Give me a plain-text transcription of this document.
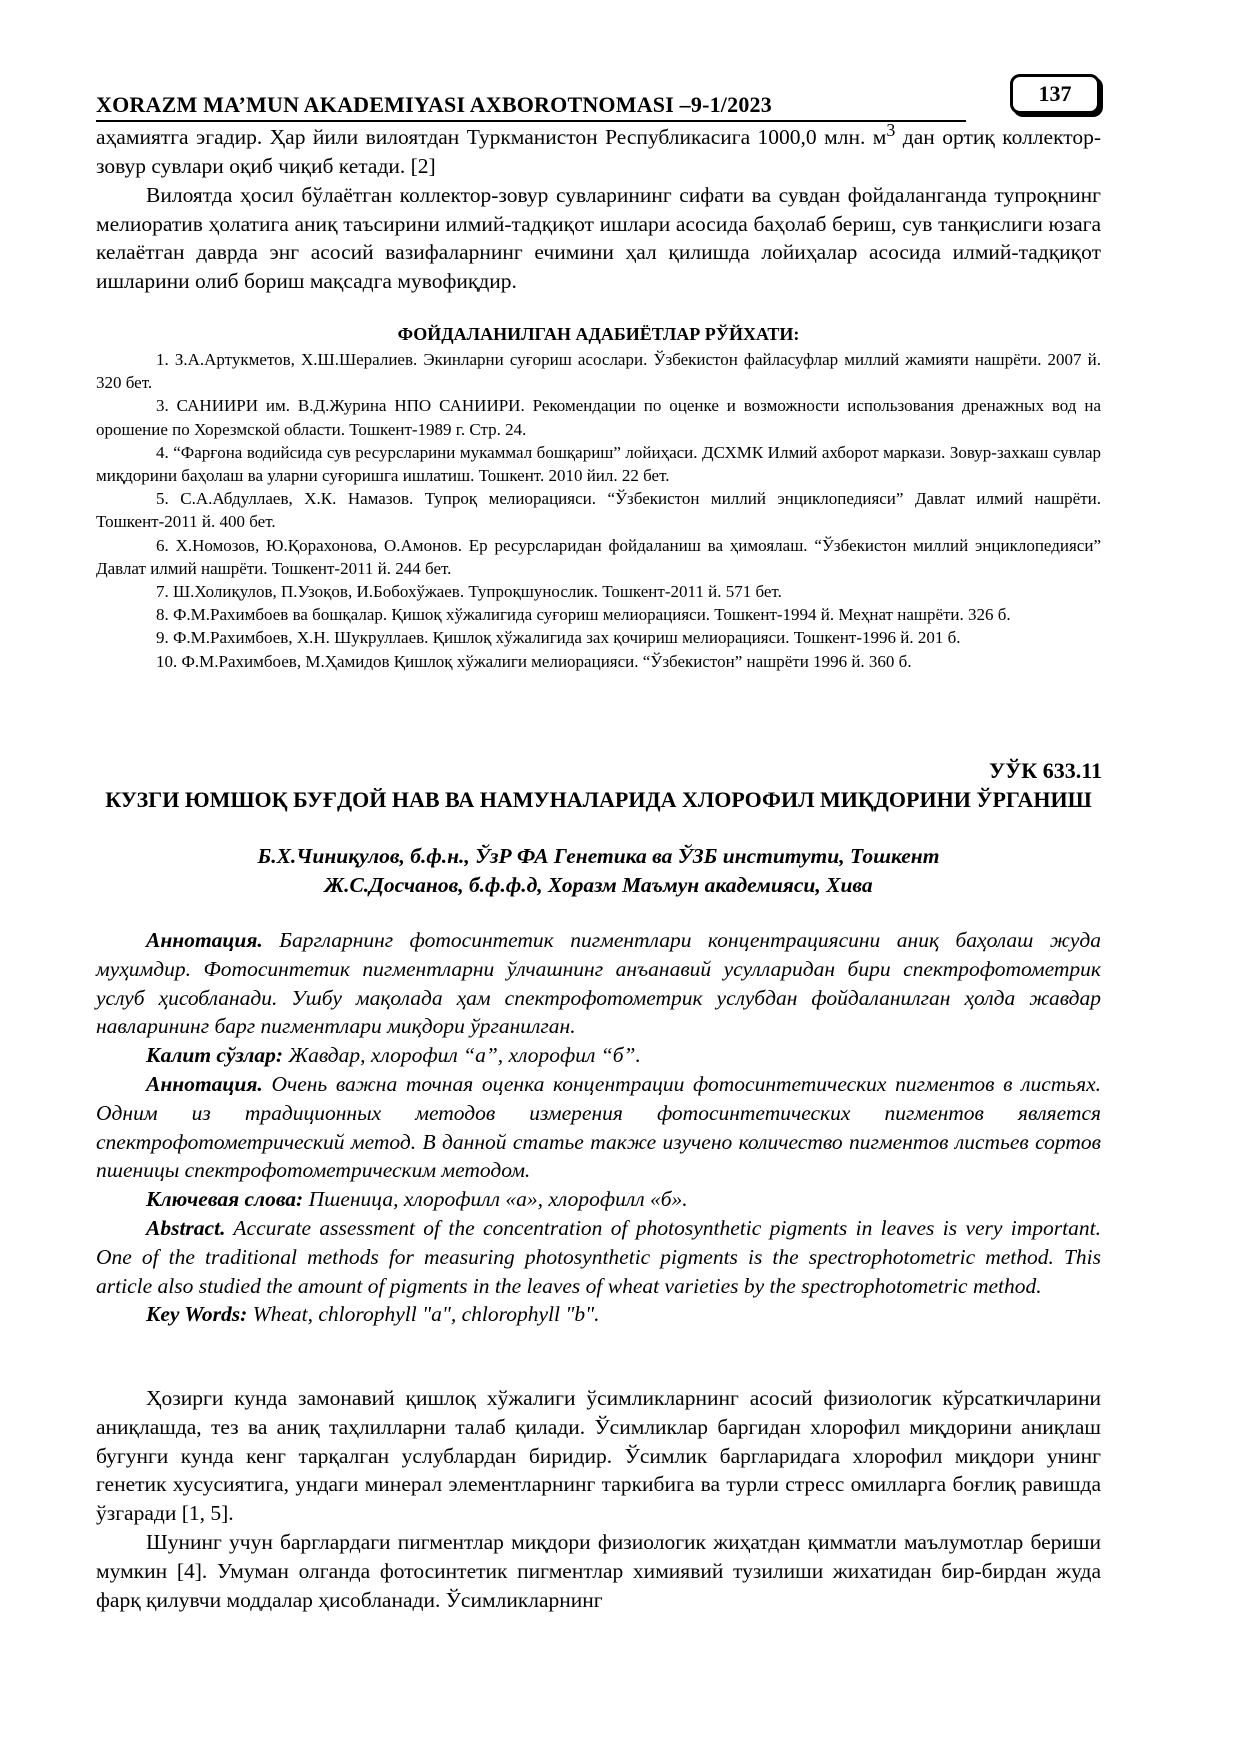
XORAZM MA’MUN AKADEMIYASI AXBOROTNOMASI –9-1/2023	137

аҳамиятга эгадир. Ҳар йили вилоятдан Туркманистон Республикасига 1000,0 млн. $м^3$ дан ортиқ коллектор-зовур сувлари оқиб чиқиб кетади. [2]

Вилоятда ҳосил бўлаётган коллектор-зовур сувларининг сифати ва сувдан фойдаланганда тупроқнинг мелиоратив ҳолатига аниқ таъсирини илмий-тадқиқот ишлари асосида баҳолаб бериш, сув танқислиги юзага келаётган даврда энг асосий вазифаларнинг ечимини ҳал қилишда лойиҳалар асосида илмий-тадқиқот ишларини олиб бориш мақсадга мувофиқдир.

ФОЙДАЛАНИЛГАН АДАБИЁТЛАР РЎЙХАТИ:

1. З.А.Артукметов, Х.Ш.Шералиев. Экинларни суғориш асослари. Ўзбекистон файласуфлар миллий жамияти нашрёти. 2007 й. 320 бет.

3. САНИИРИ им. В.Д.Журина НПО САНИИРИ. Рекомендации по оценке и возможности использования дренажных вод на орошение по Хорезмской области. Тошкент-1989 г. Стр. 24.

4. “Фарғона водийсида сув ресурсларини мукаммал бошқариш” лойиҳаси. ДСХМК Илмий ахборот маркази. Зовур-захкаш сувлар миқдорини баҳолаш ва уларни суғоришга ишлатиш. Тошкент. 2010 йил. 22 бет.

5. С.А.Абдуллаев, Х.К. Намазов. Тупроқ мелиорацияси. “Ўзбекистон миллий энциклопедияси” Давлат илмий нашрёти. Тошкент-2011 й. 400 бет.

6. Х.Номозов, Ю.Қорахонова, О.Амонов. Ер ресурсларидан фойдаланиш ва ҳимоялаш. “Ўзбекистон миллий энциклопедияси” Давлат илмий нашрёти. Тошкент-2011 й. 244 бет.

7. Ш.Холиқулов, П.Узоқов, И.Бобохўжаев. Тупроқшунослик. Тошкент-2011 й. 571 бет.

8. Ф.М.Рахимбоев ва бошқалар. Қишоқ хўжалигида суғориш мелиорацияси. Тошкент-1994 й. Меҳнат нашрёти. 326 б.

9. Ф.М.Рахимбоев, Х.Н. Шукруллаев. Қишлоқ хўжалигида зах қочириш мелиорацияси. Тошкент-1996 й. 201 б.

10. Ф.М.Рахимбоев, М.Ҳамидов Қишлоқ хўжалиги мелиорацияси. “Ўзбекистон” нашрёти 1996 й. 360 б.

УЎК 633.11
КУЗГИ ЮМШОҚ БУҒДОЙ НАВ ВА НАМУНАЛАРИДА ХЛОРОФИЛ МИҚДОРИНИ ЎРГАНИШ
Б.Х.Чиниқулов, б.ф.н., ЎзР ФА Генетика ва ЎЗБ институти, Тошкент
Ж.С.Досчанов, б.ф.ф.д, Хоразм Маъмун академияси, Хива

Аннотация. Баргларнинг фотосинтетик пигментлари концентрациясини аниқ баҳолаш жуда муҳимдир. Фотосинтетик пигментларни ўлчашнинг анъанавий усулларидан бири спектрофотометрик услуб ҳисобланади. Ушбу мақолада ҳам спектрофотометрик услубдан фойдаланилган ҳолда жавдар навларининг барг пигментлари миқдори ўрганилган.

Калит сўзлар: Жавдар, хлорофил “а”, хлорофил “б”.

Аннотация. Очень важна точная оценка концентрации фотосинтетических пигментов в листьях. Одним из традиционных методов измерения фотосинтетических пигментов является спектрофотометрический метод. В данной статье также изучено количество пигментов листьев сортов пшеницы спектрофотометрическим методом.

Ключевая слова: Пшеница, хлорофилл «а», хлорофилл «б».

Abstract. Accurate assessment of the concentration of photosynthetic pigments in leaves is very important. One of the traditional methods for measuring photosynthetic pigments is the spectrophotometric method. This article also studied the amount of pigments in the leaves of wheat varieties by the spectrophotometric method.

Key Words: Wheat, chlorophyll "a", chlorophyll "b".

Ҳозирги кунда замонавий қишлоқ хўжалиги ўсимликларнинг асосий физиологик кўрсаткичларини аниқлашда, тез ва аниқ таҳлилларни талаб қилади. Ўсимликлар баргидан хлорофил миқдорини аниқлаш бугунги кунда кенг тарқалган услублардан биридир. Ўсимлик баргларидага хлорофил миқдори унинг генетик хусусиятига, ундаги минерал элементларнинг таркибига ва турли стресс омилларга боғлиқ равишда ўзгаради [1, 5].

Шунинг учун барглардаги пигментлар миқдори физиологик жиҳатдан қимматли маълумотлар бериши мумкин [4]. Умуман олганда фотосинтетик пигментлар химиявий тузилиши жихатидан бир-бирдан жуда фарқ қилувчи моддалар ҳисобланади. Ўсимликларнинг
